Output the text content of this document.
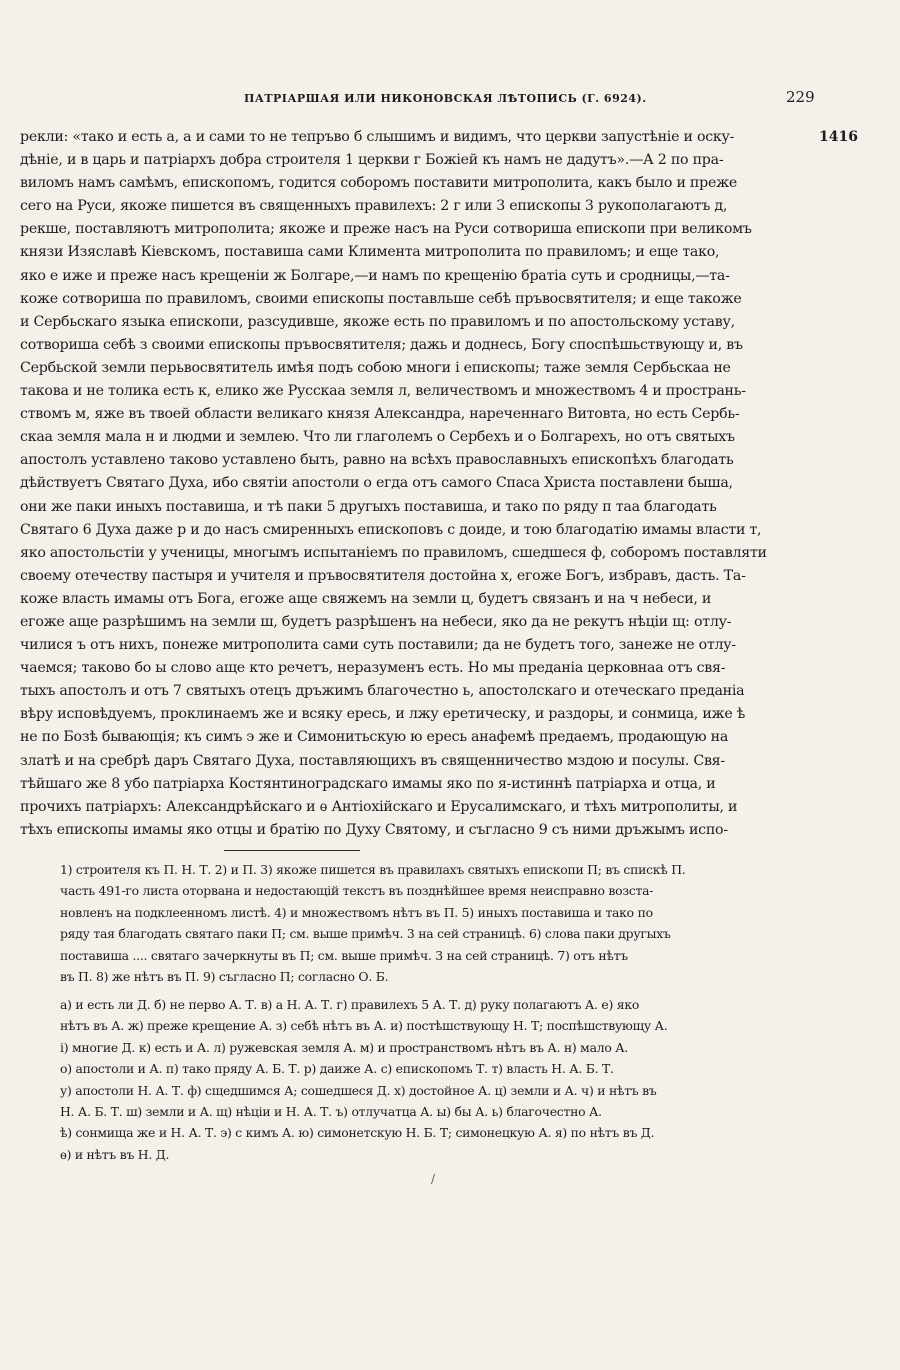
ПАТРІАРШАЯ ИЛИ НИКОНОВСКАЯ ЛѢТОПИСЬ (Г. 6924).	229
1416
рекли: «тако и есть а, а и сами то не тепръво б слышимъ и видимъ, что церкви запустѣніе и оску-
дѣніе, и в царь и патріархъ добра строителя 1 церкви г Божіей къ намъ не дадутъ».—А 2 по пра-
виломъ намъ самѣмъ, епископомъ, годится соборомъ поставити митрополита, какъ было и преже
сего на Руси, якоже пишется въ священныхъ правилехъ: 2 г или 3 епископы 3 рукополагаютъ д,
рекше, поставляютъ митрополита; якоже и преже насъ на Руси сотвориша епископи при великомъ
князи Изяславѣ Кіевскомъ, поставиша сами Климента митрополита по правиломъ; и еще тако,
яко е иже и преже насъ крещеніи ж Болгаре,—и намъ по крещенію братіа суть и сродницы,—та-
коже сотвориша по правиломъ, своими епископы поставльше себѣ пръвосвятителя; и еще такоже
и Сербьскаго языка епископи, разсудивше, якоже есть по правиломъ и по апостольскому уставу,
сотвориша себѣ з своими епископы пръвосвятителя; дажь и доднесь, Богу споспѣшьствующу и, въ
Сербьской земли перьвосвятитель имѣя подъ собою многи і епископы; таже земля Сербьскаа не
такова и не толика есть к, елико же Русскаа земля л, величествомъ и множествомъ 4 и пространь-
ствомъ м, яже въ твоей области великаго князя Александра, нареченнаго Витовта, но есть Сербь-
скаа земля мала н и людми и землею. Что ли глаголемъ о Сербехъ и о Болгарехъ, но отъ святыхъ
апостолъ уставлено таково уставлено быть, равно на всѣхъ православныхъ епископѣхъ благодать
дѣйствуетъ Святаго Духа, ибо святіи апостоли о егда отъ самого Спаса Христа поставлени быша,
они же паки иныхъ поставиша, и тѣ паки 5 другыхъ поставиша, и тако по ряду п таа благодать
Святаго 6 Духа даже р и до насъ смиренныхъ епископовъ с доиде, и тою благодатію имамы власти т,
яко апостольстіи у ученицы, многымъ испытаніемъ по правиломъ, сшедшеся ф, соборомъ поставляти
своему отечеству пастыря и учителя и пръвосвятителя достойна х, егоже Богъ, избравъ, дасть. Та-
коже власть имамы отъ Бога, егоже аще свяжемъ на земли ц, будетъ связанъ и на ч небеси, и
егоже аще разрѣшимъ на земли ш, будетъ разрѣшенъ на небеси, яко да не рекутъ нѣціи щ: отлу-
чилися ъ отъ нихъ, понеже митрополита сами суть поставили; да не будетъ того, занеже не отлу-
чаемся; таково бо ы слово аще кто речетъ, неразуменъ есть. Но мы преданіа церковнаа отъ свя-
тыхъ апостолъ и отъ 7 святыхъ отецъ дръжимъ благочестно ь, апостолскаго и отеческаго преданіа
вѣру исповѣдуемъ, проклинаемъ же и всяку ересь, и лжу еретическу, и раздоры, и сонмица, иже ѣ
не по Бозѣ бывающія; къ симъ э же и Симонитьскую ю ересь анафемѣ предаемъ, продающую на
златѣ и на сребрѣ даръ Святаго Духа, поставляющихъ въ священничество мздою и посулы. Свя-
тѣйшаго же 8 убо патріарха Костянтиноградскаго имамы яко по я-истиннѣ патріарха и отца, и
прочихъ патріархъ: Александрѣйскаго и ѳ Антіохійскаго и Ерусалимскаго, и тѣхъ митрополиты, и
тѣхъ епископы имамы яко отцы и братію по Духу Святому, и съгласно 9 съ ними дръжымъ испо-
1) строителя къ П. Н. Т. 2) и П. 3) якоже пишется въ правилахъ святыхъ епископи П; въ спискѣ П.
часть 491-го листа оторвана и недостающій текстъ въ позднѣйшее время неисправно возста-
новленъ на подклеенномъ листѣ. 4) и множествомъ нѣтъ въ П. 5) иныхъ поставиша и тако по
ряду тая благодать святаго паки П; см. выше примѣч. 3 на сей страницѣ. 6) слова паки другыхъ
поставиша .... святаго зачеркнуты въ П; см. выше примѣч. 3 на сей страницѣ. 7) отъ нѣтъ
въ П. 8) же нѣтъ въ П. 9) съгласно П; согласно О. Б.
а) и есть ли Д. б) не перво А. Т. в) а Н. А. Т. г) правилехъ 5 А. Т. д) руку полагаютъ А. е) яко
нѣтъ въ А. ж) преже крещение А. з) себѣ нѣтъ въ А. и) постѣшствующу Н. Т; поспѣшствующу А.
і) многие Д. к) есть и А. л) ружевская земля А. м) и пространствомъ нѣтъ въ А. н) мало А.
о) апостоли и А. п) тако пряду А. Б. Т. р) даиже А. с) епископомъ Т. т) власть Н. А. Б. Т.
у) апостоли Н. А. Т. ф) сщедшимся А; сошедшеся Д. х) достойное А. ц) земли и А. ч) и нѣтъ въ
Н. А. Б. Т. ш) земли и А. щ) нѣціи и Н. А. Т. ъ) отлучатца А. ы) бы А. ь) благочестно А.
ѣ) сонмища же и Н. А. Т. э) с кимъ А. ю) симонетскую Н. Б. Т; симонецкую А. я) по нѣтъ въ Д.
ѳ) и нѣтъ въ Н. Д.
/
